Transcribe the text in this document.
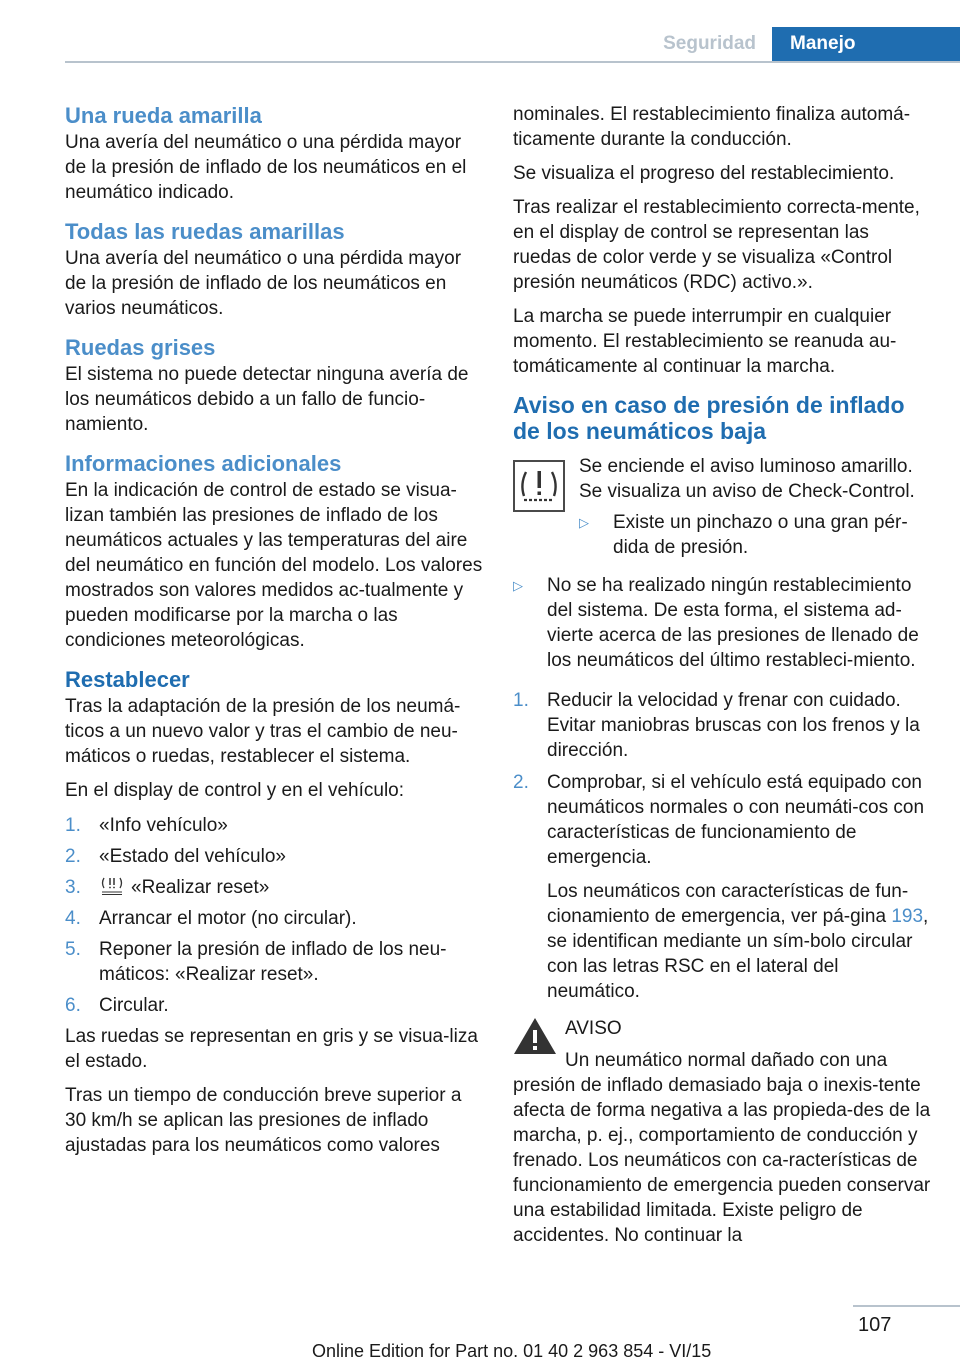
Seguridad	Manejo
Una rueda amarilla

Una avería del neumático o una pérdida mayor de la presión de inflado de los neumáticos en el neumático indicado.

Todas las ruedas amarillas

Una avería del neumático o una pérdida mayor de la presión de inflado de los neumáticos en varios neumáticos.

Ruedas grises

El sistema no puede detectar ninguna avería de los neumáticos debido a un fallo de funcio-namiento.

Informaciones adicionales

En la indicación de control de estado se visua-lizan también las presiones de inflado de los neumáticos actuales y las temperaturas del aire del neumático en función del modelo. Los valores mostrados son valores medidos ac-tualmente y pueden modificarse por la marcha o las condiciones meteorológicas.

Restablecer

Tras la adaptación de la presión de los neumá-ticos a un nuevo valor y tras el cambio de neu-máticos o ruedas, restablecer el sistema.

En el display de control y en el vehículo:

1. «Info vehículo»
2. «Estado del vehículo»
3.	«Realizar reset»
4. Arrancar el motor (no circular).
5. Reponer la presión de inflado de los neu-máticos: «Realizar reset».
6. Circular.

Las ruedas se representan en gris y se visua-liza el estado.

Tras un tiempo de conducción breve superior a 30 km/h se aplican las presiones de inflado ajustadas para los neumáticos como valores

nominales. El restablecimiento finaliza automá-ticamente durante la conducción.

Se visualiza el progreso del restablecimiento.

Tras realizar el restablecimiento correcta-mente, en el display de control se representan las ruedas de color verde y se visualiza «Control presión neumáticos (RDC) activo.».

La marcha se puede interrumpir en cualquier momento. El restablecimiento se reanuda au-tomáticamente al continuar la marcha.

Aviso en caso de presión de inflado de los neumáticos baja

Se enciende el aviso luminoso amarillo. Se visualiza un aviso de Check-Control.

▷ Existe un pinchazo o una gran pér-dida de presión.
▷ No se ha realizado ningún restablecimiento del sistema. De esta forma, el sistema ad-vierte acerca de las presiones de llenado de los neumáticos del último restableci-miento.
1. Reducir la velocidad y frenar con cuidado. Evitar maniobras bruscas con los frenos y la dirección.
2. Comprobar, si el vehículo está equipado con neumáticos normales o con neumáti-cos con características de funcionamiento de emergencia.

Los neumáticos con características de fun-cionamiento de emergencia, ver pá-gina 193, se identifican mediante un sím-bolo circular con las letras RSC en el lateral del neumático.

AVISO

Un neumático normal dañado con una presión de inflado demasiado baja o inexis-tente afecta de forma negativa a las propieda-des de la marcha, p. ej., comportamiento de conducción y frenado. Los neumáticos con ca-racterísticas de funcionamiento de emergencia pueden conservar una estabilidad limitada. Existe peligro de accidentes. No continuar la

107
Online Edition for Part no. 01 40 2 963 854 - VI/15
